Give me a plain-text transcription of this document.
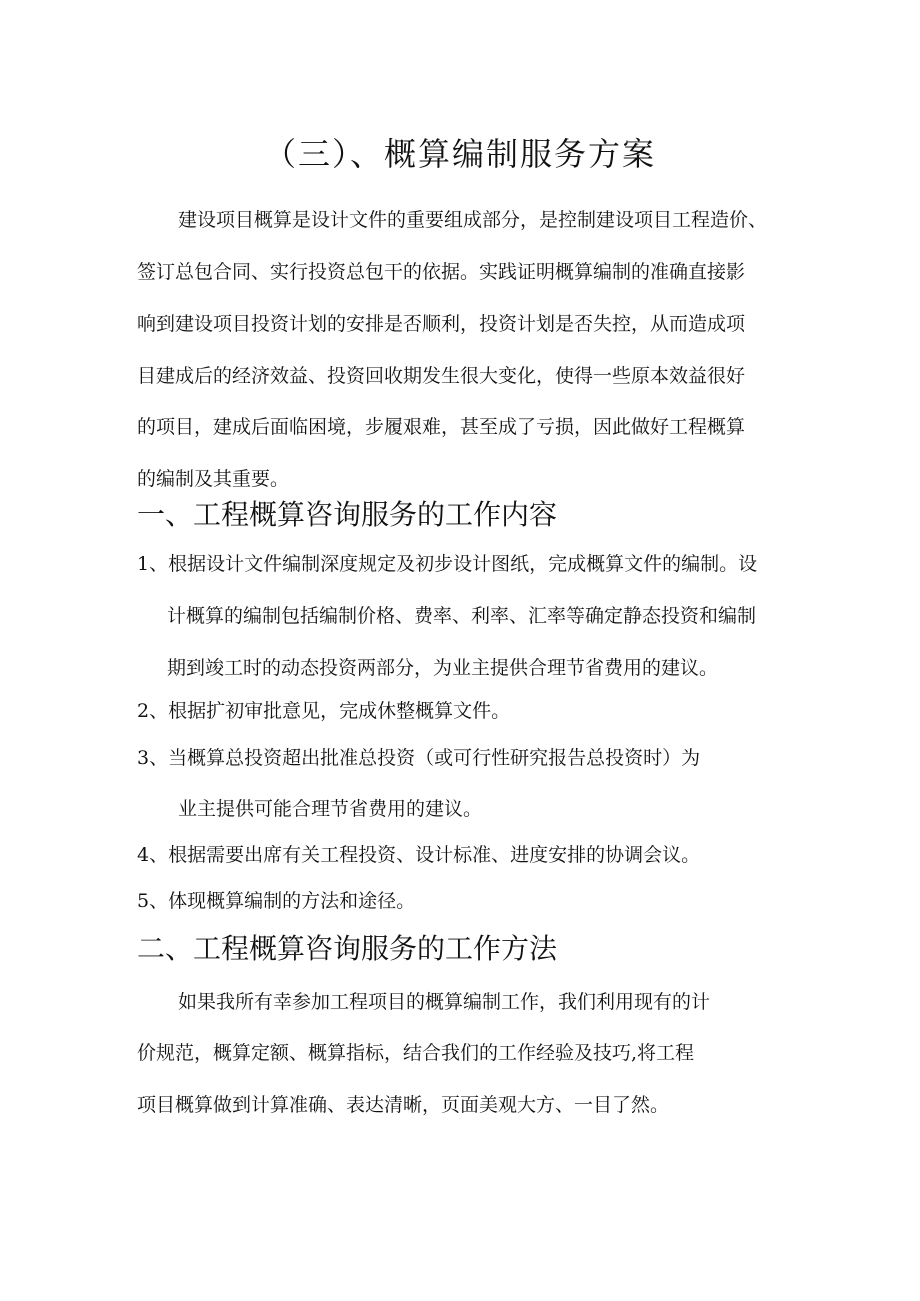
（三）、概算编制服务方案
建设项目概算是设计文件的重要组成部分，是控制建设项目工程造价、
签订总包合同、实行投资总包干的依据。实践证明概算编制的准确直接影
响到建设项目投资计划的安排是否顺利，投资计划是否失控，从而造成项
目建成后的经济效益、投资回收期发生很大变化，使得一些原本效益很好
的项目，建成后面临困境，步履艰难，甚至成了亏损，因此做好工程概算
的编制及其重要。
一、工程概算咨询服务的工作内容
1、根据设计文件编制深度规定及初步设计图纸，完成概算文件的编制。设
计概算的编制包括编制价格、费率、利率、汇率等确定静态投资和编制
期到竣工时的动态投资两部分，为业主提供合理节省费用的建议。
2、根据扩初审批意见，完成休整概算文件。
3、当概算总投资超出批准总投资（或可行性研究报告总投资时）为
业主提供可能合理节省费用的建议。
4、根据需要出席有关工程投资、设计标准、进度安排的协调会议。
5、体现概算编制的方法和途径。
二、工程概算咨询服务的工作方法
如果我所有幸参加工程项目的概算编制工作，我们利用现有的计
价规范，概算定额、概算指标，结合我们的工作经验及技巧,将工程
项目概算做到计算准确、表达清晰，页面美观大方、一目了然。
